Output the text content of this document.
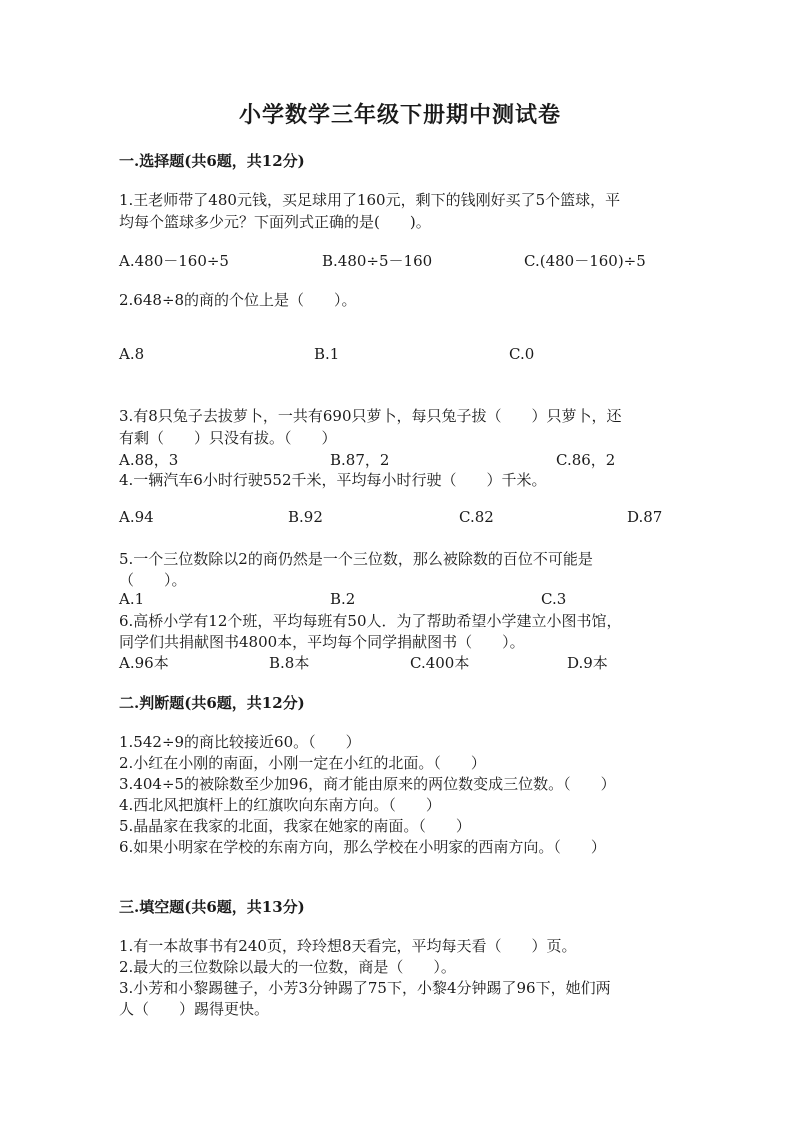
小学数学三年级下册期中测试卷
一.选择题(共6题，共12分)
1.王老师带了480元钱，买足球用了160元，剩下的钱刚好买了5个篮球，平
均每个篮球多少元？下面列式正确的是(　　)。
A.480－160÷5	B.480÷5－160	C.(480－160)÷5
2.648÷8的商的个位上是（　　）。
A.8	B.1	C.0
3.有8只兔子去拔萝卜，一共有690只萝卜，每只兔子拔（　　）只萝卜，还
有剩（　　）只没有拔。（　　）
A.88，3	B.87，2	C.86，2
4.一辆汽车6小时行驶552千米，平均每小时行驶（　　）千米。
A.94	B.92	C.82	D.87
5.一个三位数除以2的商仍然是一个三位数，那么被除数的百位不可能是
（　　）。
A.1	B.2	C.3
6.高桥小学有12个班，平均每班有50人．为了帮助希望小学建立小图书馆，
同学们共捐献图书4800本，平均每个同学捐献图书（　　）。
A.96本	B.8本	C.400本	D.9本
二.判断题(共6题，共12分)
1.542÷9的商比较接近60。（　　）
2.小红在小刚的南面，小刚一定在小红的北面。（　　）
3.404÷5的被除数至少加96，商才能由原来的两位数变成三位数。（　　）
4.西北风把旗杆上的红旗吹向东南方向。（　　）
5.晶晶家在我家的北面，我家在她家的南面。（　　）
6.如果小明家在学校的东南方向，那么学校在小明家的西南方向。（　　）
三.填空题(共6题，共13分)
1.有一本故事书有240页，玲玲想8天看完，平均每天看（　　）页。
2.最大的三位数除以最大的一位数，商是（　　）。
3.小芳和小黎踢毽子，小芳3分钟踢了75下，小黎4分钟踢了96下，她们两
人（　　）踢得更快。
